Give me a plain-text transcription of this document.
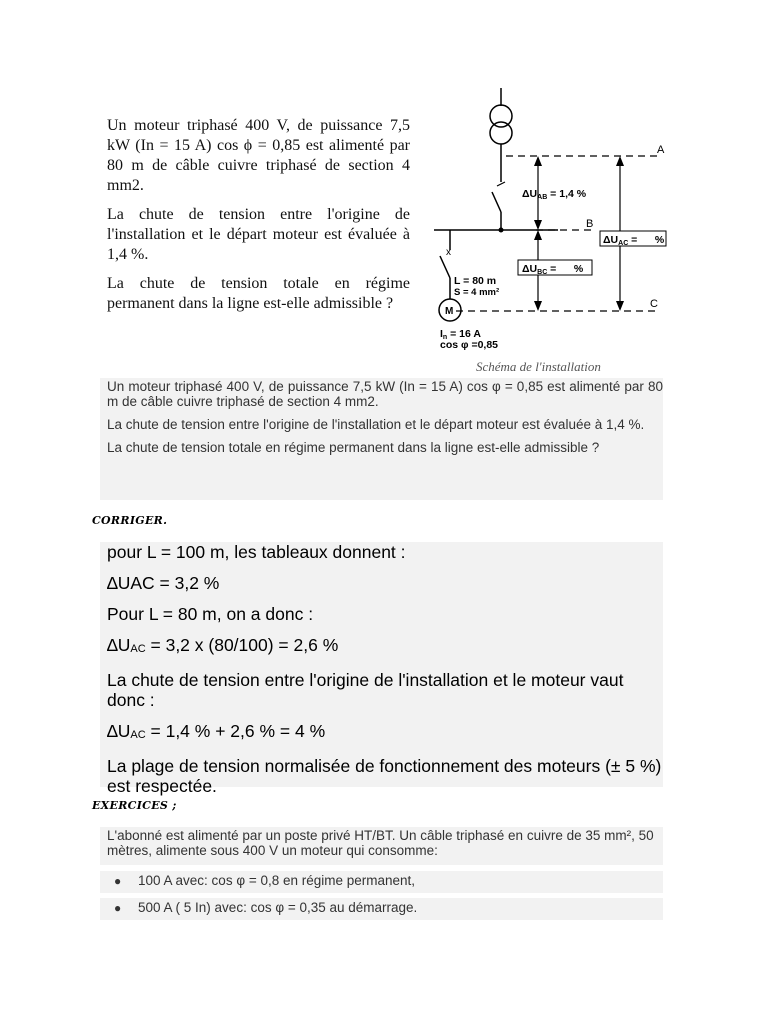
Un moteur triphasé 400 V, de puissance 7,5 kW (In = 15 A) cos ϕ = 0,85 est alimenté par 80 m de câble cuivre triphasé de section 4 mm2.

La chute de tension entre l'origine de l'installation et le départ moteur est évaluée à 1,4 %.

La chute de tension totale en régime permanent dans la ligne est-elle admissible ?

x
M
A
B
C
ΔUAB = 1,4 %
ΔUAC =      %
ΔUBC =      %
L = 80 m
S = 4 mm²
In = 16 A
cos φ =0,85
Schéma de l'installation

Un moteur triphasé 400 V, de puissance 7,5 kW (In = 15 A) cos φ = 0,85 est alimenté par 80 m de câble cuivre triphasé de section 4 mm2.

La chute de tension entre l'origine de l'installation et le départ moteur est évaluée à 1,4 %.

La chute de tension totale en régime permanent dans la ligne est-elle admissible ?

CORRIGER.

pour L = 100 m, les tableaux donnent :

∆UAC = 3,2 %

Pour L = 80 m, on a donc :

$\Delta U_{AC} = 3,2$ x (80/100) = 2,6 %

La chute de tension entre l'origine de l'installation et le moteur vaut donc :

$\Delta U_{AC} = 1,4$ % + 2,6 % = 4 %

La plage de tension normalisée de fonctionnement des moteurs (± 5 %) est respectée.

EXERCICES ;

L'abonné est alimenté par un poste privé HT/BT. Un câble triphasé en cuivre de 35 mm², 50 mètres, alimente sous 400 V un moteur qui consomme:

● 100 A avec: cos φ = 0,8 en régime permanent,
● 500 A ( 5 In) avec: cos φ = 0,35 au démarrage.
